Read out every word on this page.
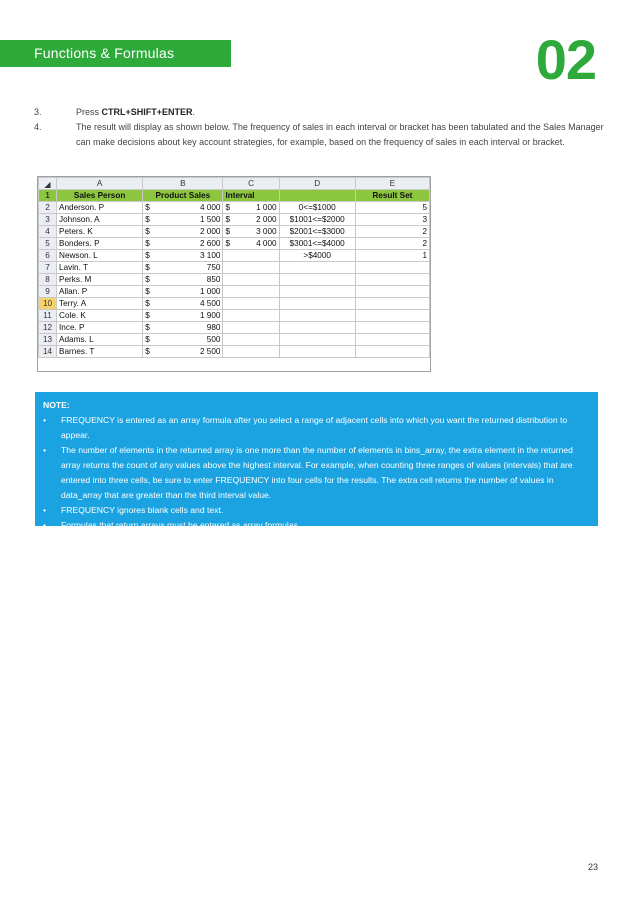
Functions & Formulas	02
3.	Press CTRL+SHIFT+ENTER.
4.	The result will display as shown below. The frequency of sales in each interval or bracket has been tabulated and the Sales Manager can make decisions about key account strategies, for example, based on the frequency of sales in each interval or bracket.
◢	A	B	C	D	E
1	Sales Person	Product Sales	Interval		Result Set
2	Anderson. P	$ 4 000	$ 1 000	0<=$1000	5
3	Johnson. A	$ 1 500	$ 2 000	$1001<=$2000	3
4	Peters. K	$ 2 000	$ 3 000	$2001<=$3000	2
5	Bonders. P	$ 2 600	$ 4 000	$3001<=$4000	2
6	Newson. L	$ 3 100		>$4000	1
7	Lavin. T	$ 750			

8	Perks. M	$ 850			

9	Allan. P	$ 1 000			

10	Terry. A	$ 4 500			

11	Cole. K	$ 1 900			

12	Ince. P	$ 980			

13	Adams. L	$ 500			

14	Barnes. T	$ 2 500			

NOTE:
• FREQUENCY is entered as an array formula after you select a range of adjacent cells into which you want the returned distribution to appear.
• The number of elements in the returned array is one more than the number of elements in bins_array, the extra element in the returned array returns the count of any values above the highest interval. For example, when counting three ranges of values (intervals) that are entered into three cells, be sure to enter FREQUENCY into four cells for the results. The extra cell returns the number of values in data_array that are greater than the third interval value.
• FREQUENCY ignores blank cells and text.
• Formulas that return arrays must be entered as array formulas.
23
